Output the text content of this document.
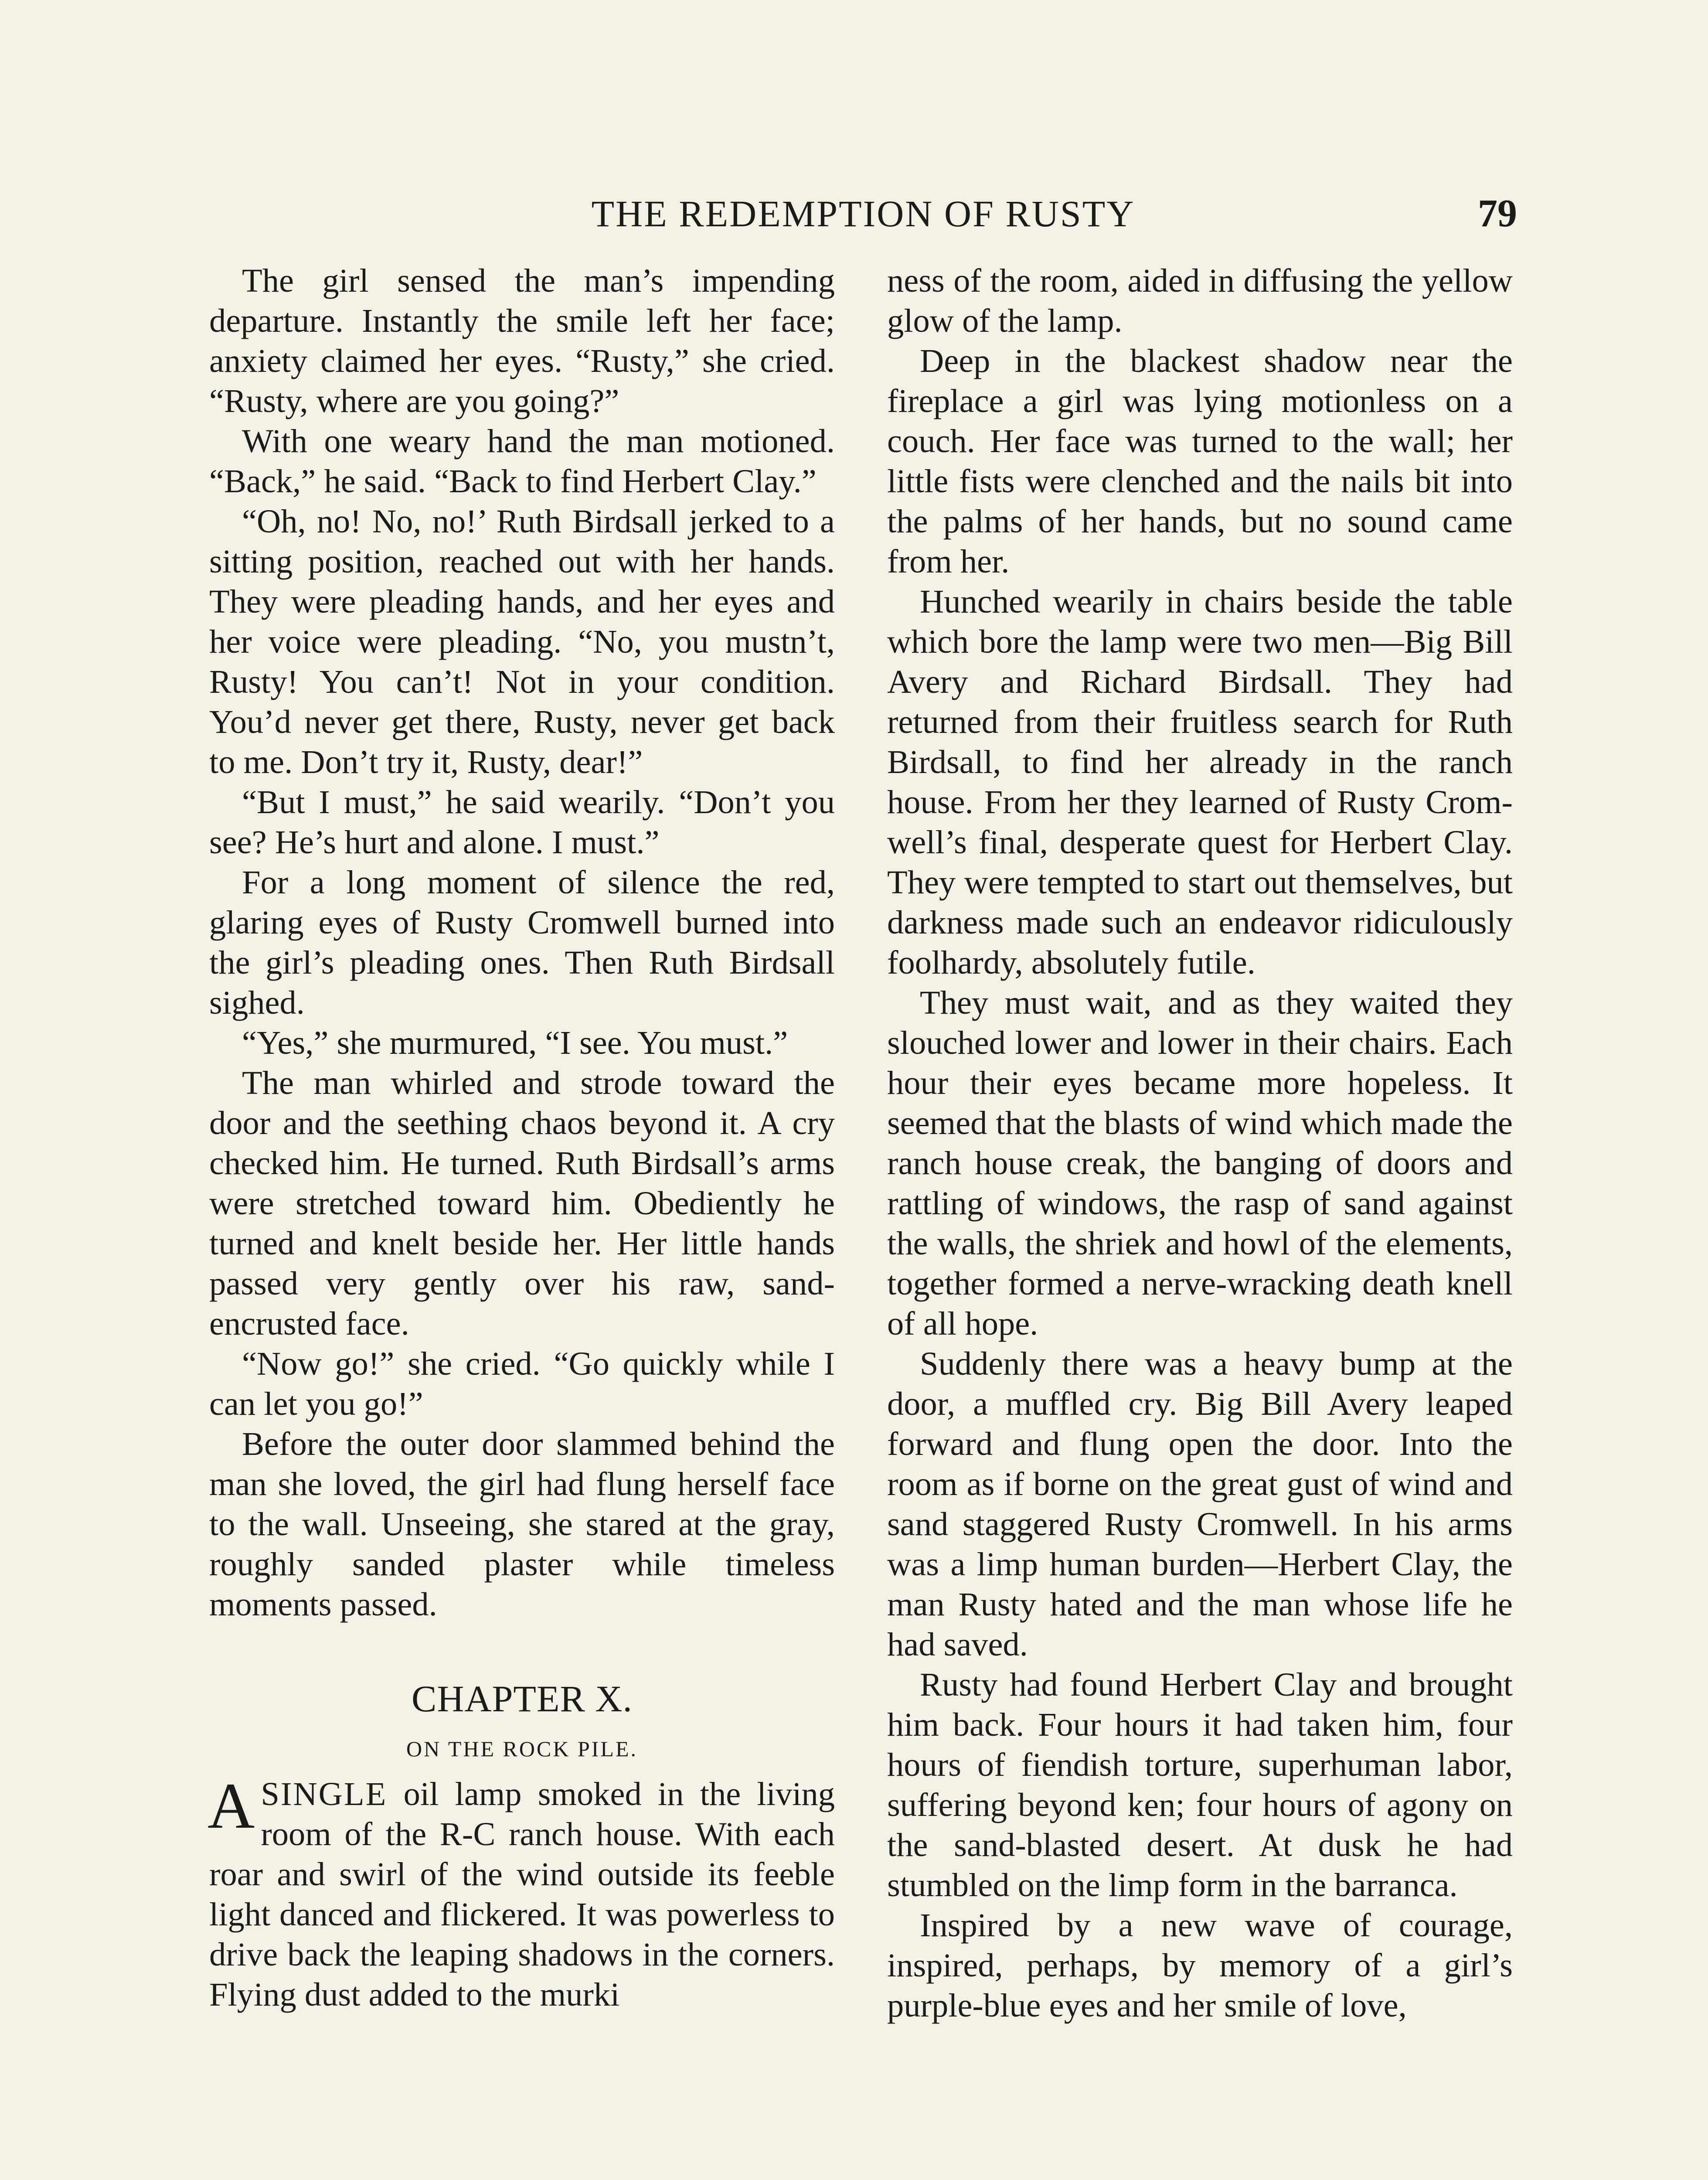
THE REDEMPTION OF RUSTY	79

The girl sensed the man’s impending departure. Instantly the smile left her face; anxiety claimed her eyes. “Rusty,” she cried. “Rusty, where are you going?”

With one weary hand the man motioned. “Back,” he said. “Back to find Herbert Clay.”

“Oh, no! No, no!’ Ruth Birdsall jerked to a sitting position, reached out with her hands. They were pleading hands, and her eyes and her voice were pleading. “No, you mustn’t, Rusty! You can’t! Not in your condition. You’d never get there, Rusty, never get back to me. Don’t try it, Rusty, dear!”

“But I must,” he said wearily. “Don’t you see? He’s hurt and alone. I must.”

For a long moment of silence the red, glaring eyes of Rusty Cromwell burned into the girl’s pleading ones. Then Ruth Birdsall sighed.

“Yes,” she murmured, “I see. You must.”

The man whirled and strode toward the door and the seething chaos beyond it. A cry checked him. He turned. Ruth Birdsall’s arms were stretched toward him. Obediently he turned and knelt beside her. Her little hands passed very gently over his raw, sand-encrusted face.

“Now go!” she cried. “Go quickly while I can let you go!”

Before the outer door slammed behind the man she loved, the girl had flung herself face to the wall. Unseeing, she stared at the gray, roughly sanded plaster while timeless moments passed.

CHAPTER X.
ON THE ROCK PILE.

ASINGLE oil lamp smoked in the living room of the R-C ranch house. With each roar and swirl of the wind outside its feeble light danced and flickered. It was powerless to drive back the leaping shadows in the corners. Flying dust added to the murki

ness of the room, aided in diffusing the yellow glow of the lamp.

Deep in the blackest shadow near the fireplace a girl was lying motionless on a couch. Her face was turned to the wall; her little fists were clenched and the nails bit into the palms of her hands, but no sound came from her.

Hunched wearily in chairs beside the table which bore the lamp were two men—Big Bill Avery and Richard Birdsall. They had returned from their fruitless search for Ruth Birdsall, to find her already in the ranch house. From her they learned of Rusty Cromwell’s final, desperate quest for Herbert Clay. They were tempted to start out themselves, but darkness made such an endeavor ridiculously foolhardy, absolutely futile.

They must wait, and as they waited they slouched lower and lower in their chairs. Each hour their eyes became more hopeless. It seemed that the blasts of wind which made the ranch house creak, the banging of doors and rattling of windows, the rasp of sand against the walls, the shriek and howl of the elements, together formed a nerve-wracking death knell of all hope.

Suddenly there was a heavy bump at the door, a muffled cry. Big Bill Avery leaped forward and flung open the door. Into the room as if borne on the great gust of wind and sand staggered Rusty Cromwell. In his arms was a limp human burden—Herbert Clay, the man Rusty hated and the man whose life he had saved.

Rusty had found Herbert Clay and brought him back. Four hours it had taken him, four hours of fiendish torture, superhuman labor, suffering beyond ken; four hours of agony on the sand-blasted desert. At dusk he had stumbled on the limp form in the barranca.

Inspired by a new wave of courage, inspired, perhaps, by memory of a girl’s purple-blue eyes and her smile of love,
